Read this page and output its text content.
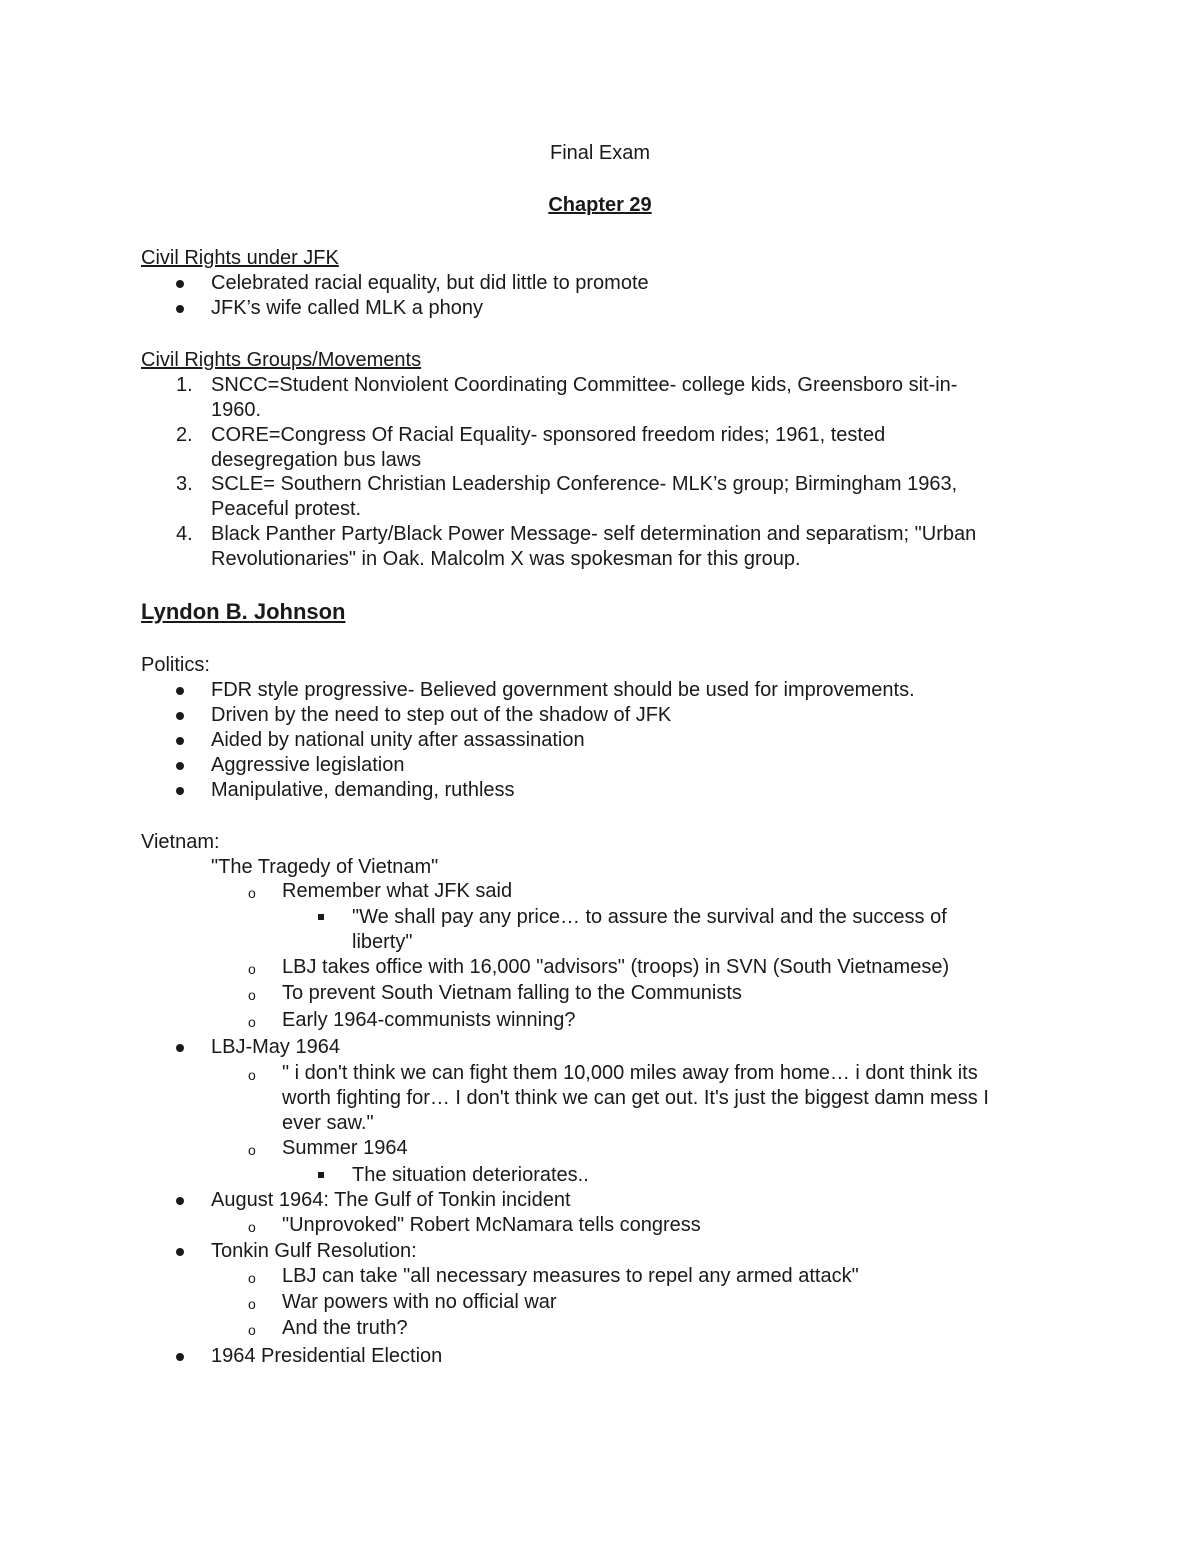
Final Exam
Chapter 29
Civil Rights under JFK
Celebrated racial equality, but did little to promote
JFK’s wife called MLK a phony
Civil Rights Groups/Movements
1. SNCC=Student Nonviolent Coordinating Committee- college kids, Greensboro sit-in-
1960.
2. CORE=Congress Of Racial Equality- sponsored freedom rides; 1961, tested
desegregation bus laws
3. SCLE= Southern Christian Leadership Conference- MLK’s group; Birmingham 1963,
Peaceful protest.
4. Black Panther Party/Black Power Message- self determination and separatism; "Urban
Revolutionaries" in Oak. Malcolm X was spokesman for this group.
Lyndon B. Johnson
Politics:
FDR style progressive- Believed government should be used for improvements.
Driven by the need to step out of the shadow of JFK
Aided by national unity after assassination
Aggressive legislation
Manipulative, demanding, ruthless
Vietnam:
"The Tragedy of Vietnam"
o Remember what JFK said
"We shall pay any price… to assure the survival and the success of
liberty"
o LBJ takes office with 16,000 "advisors" (troops) in SVN (South Vietnamese)
o To prevent South Vietnam falling to the Communists
o Early 1964-communists winning?
LBJ-May 1964
o " i don't think we can fight them 10,000 miles away from home… i dont think its
worth fighting for… I don't think we can get out. It's just the biggest damn mess I
ever saw."
o Summer 1964
The situation deteriorates..
August 1964: The Gulf of Tonkin incident
o "Unprovoked" Robert McNamara tells congress
Tonkin Gulf Resolution:
o LBJ can take "all necessary measures to repel any armed attack"
o War powers with no official war
o And the truth?
1964 Presidential Election
